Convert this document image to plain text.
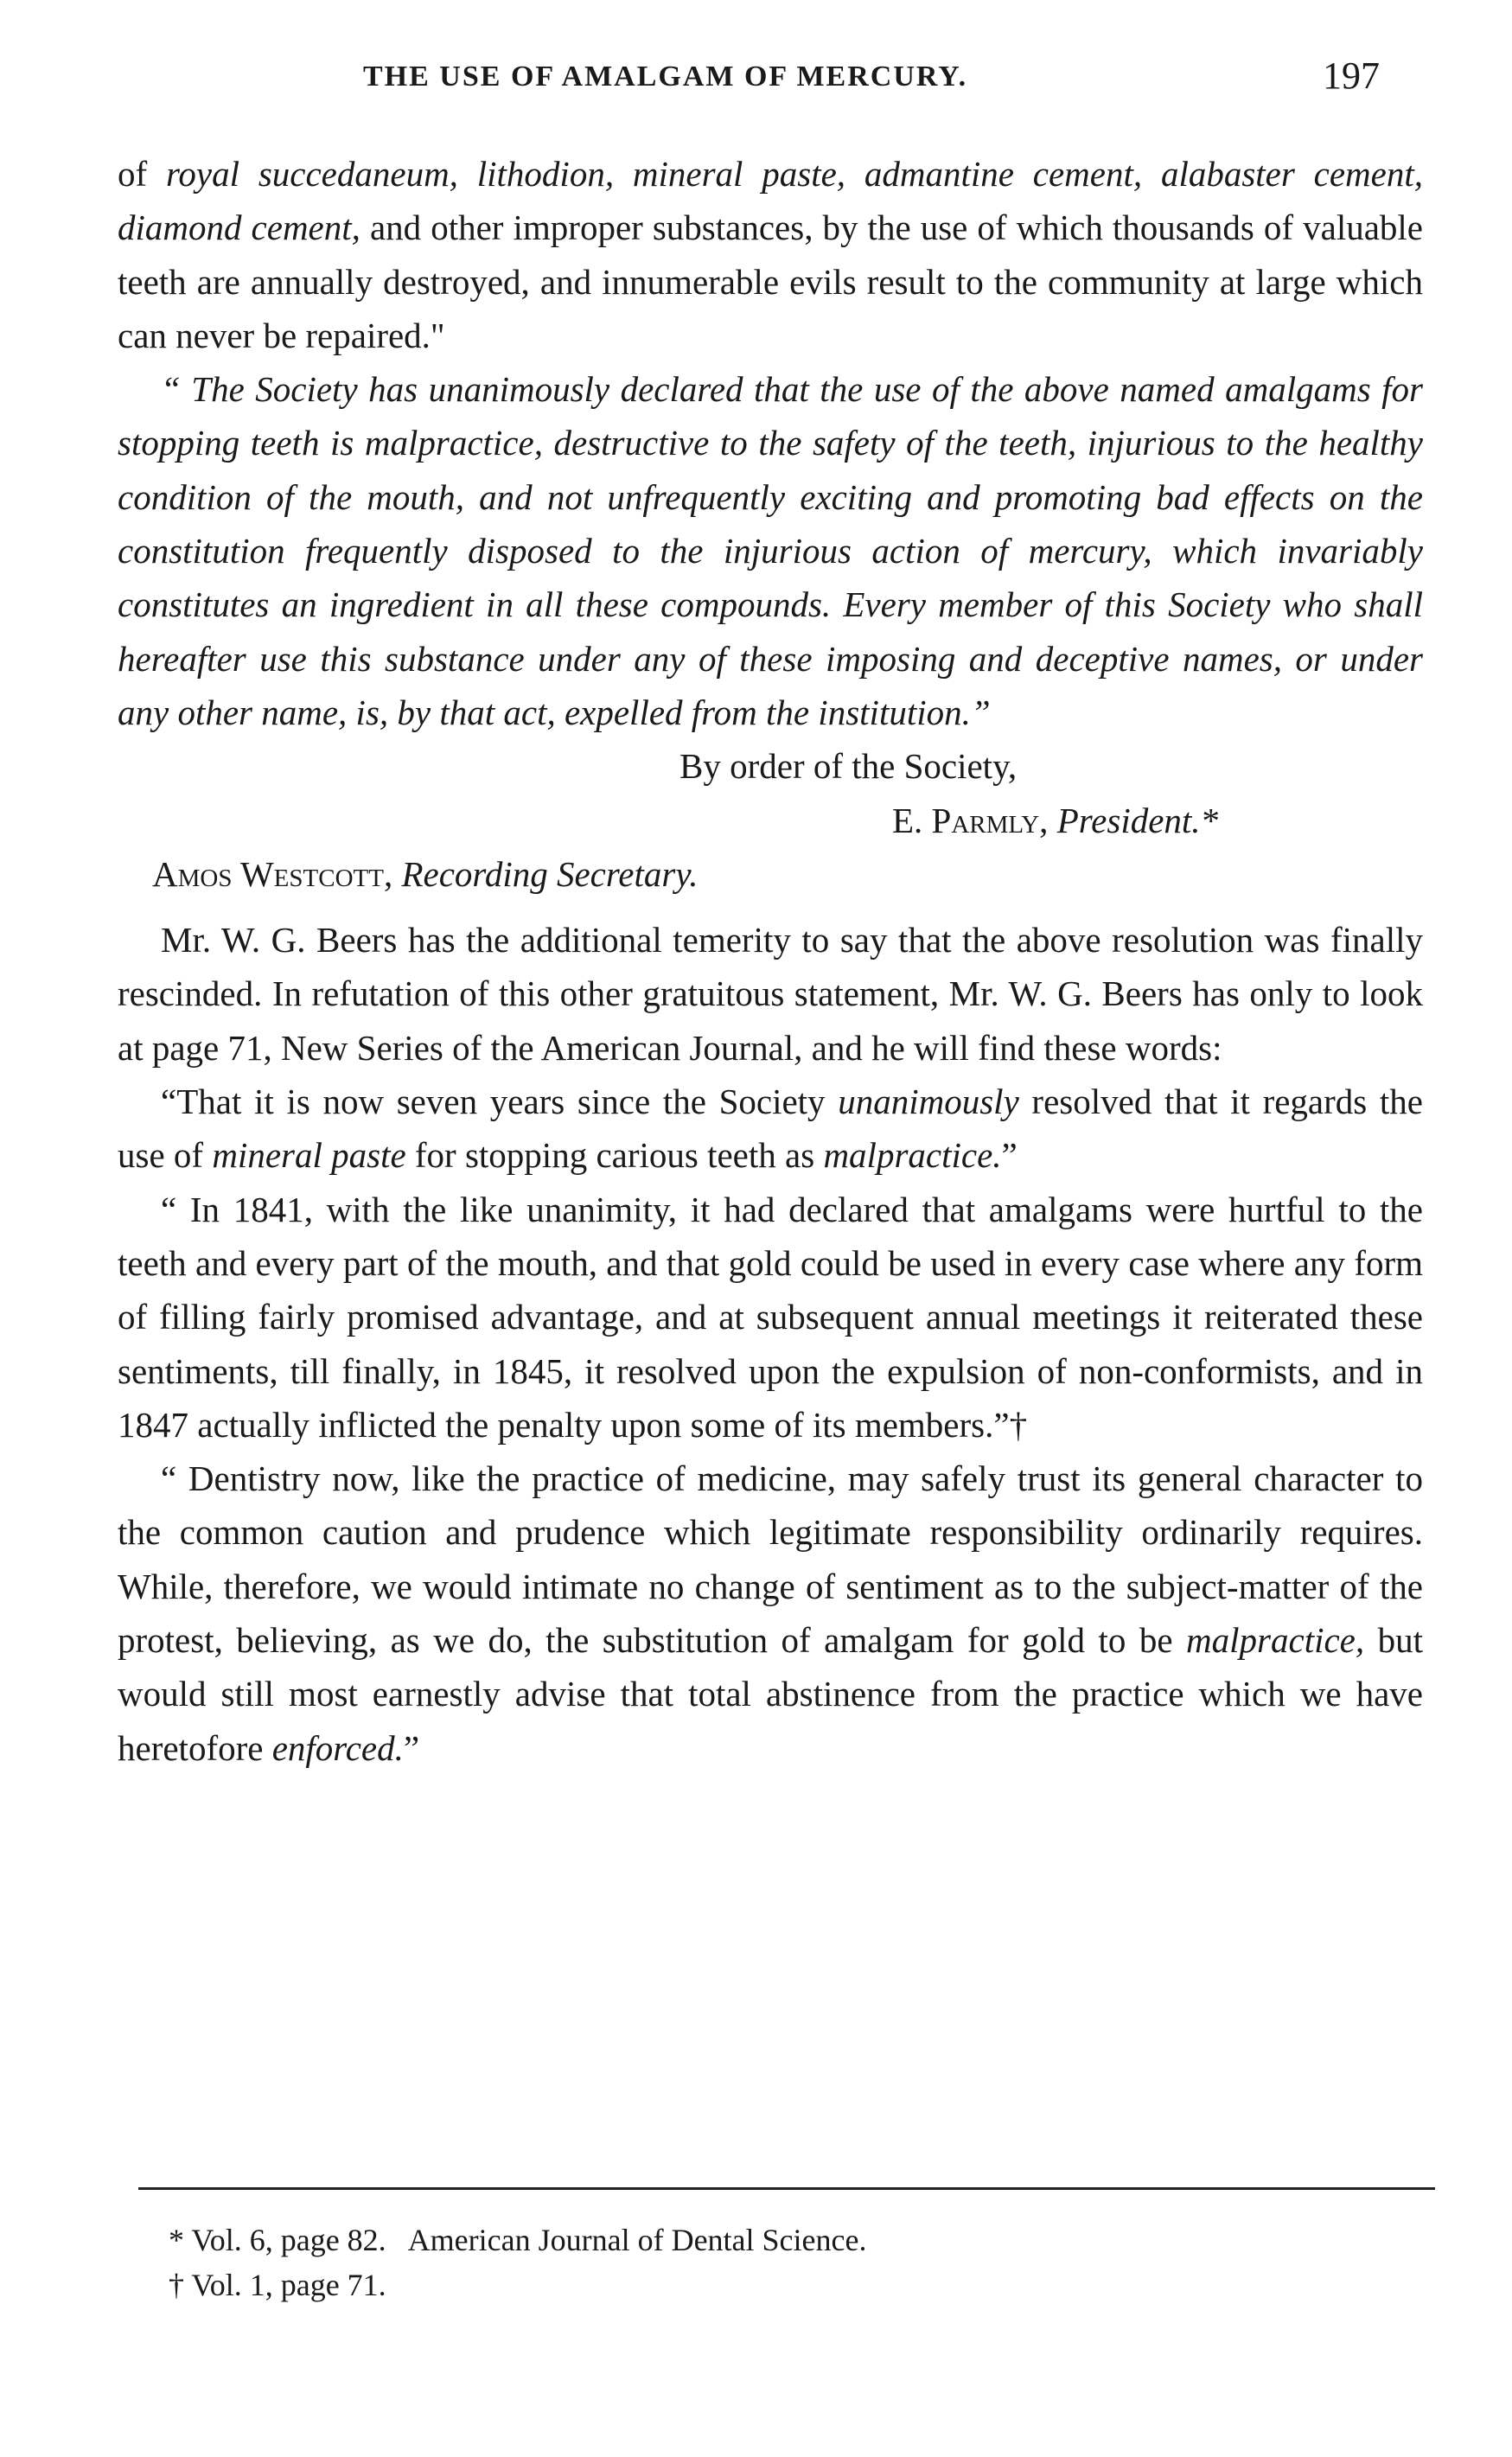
THE USE OF AMALGAM OF MERCURY.	197

of royal succedaneum, lithodion, mineral paste, admantine cement, alabaster cement, diamond cement, and other improper substances, by the use of which thousands of valuable teeth are annually destroyed, and innumerable evils result to the community at large which can never be repaired."

“ The Society has unanimously declared that the use of the above named amalgams for stopping teeth is malpractice, destructive to the safety of the teeth, injurious to the healthy condition of the mouth, and not unfrequently exciting and promoting bad effects on the constitution frequently disposed to the injurious action of mercury, which invariably constitutes an ingredient in all these compounds. Every member of this Society who shall hereafter use this substance under any of these imposing and deceptive names, or under any other name, is, by that act, expelled from the institution.”

By order of the Society,
E. Parmly, President.*
Amos Westcott, Recording Secretary.

Mr. W. G. Beers has the additional temerity to say that the above resolution was finally rescinded. In refutation of this other gratuitous statement, Mr. W. G. Beers has only to look at page 71, New Series of the American Journal, and he will find these words:

“That it is now seven years since the Society unanimously resolved that it regards the use of mineral paste for stopping carious teeth as malpractice.”

“ In 1841, with the like unanimity, it had declared that amalgams were hurtful to the teeth and every part of the mouth, and that gold could be used in every case where any form of filling fairly promised advantage, and at subsequent annual meetings it reiterated these sentiments, till finally, in 1845, it resolved upon the expulsion of non-conformists, and in 1847 actually inflicted the penalty upon some of its members.”†

“ Dentistry now, like the practice of medicine, may safely trust its general character to the common caution and prudence which legitimate responsibility ordinarily requires. While, therefore, we would intimate no change of sentiment as to the subject-matter of the protest, believing, as we do, the substitution of amalgam for gold to be malpractice, but would still most earnestly advise that total abstinence from the practice which we have heretofore enforced.”

* Vol. 6, page 82.   American Journal of Dental Science.

† Vol. 1, page 71.
